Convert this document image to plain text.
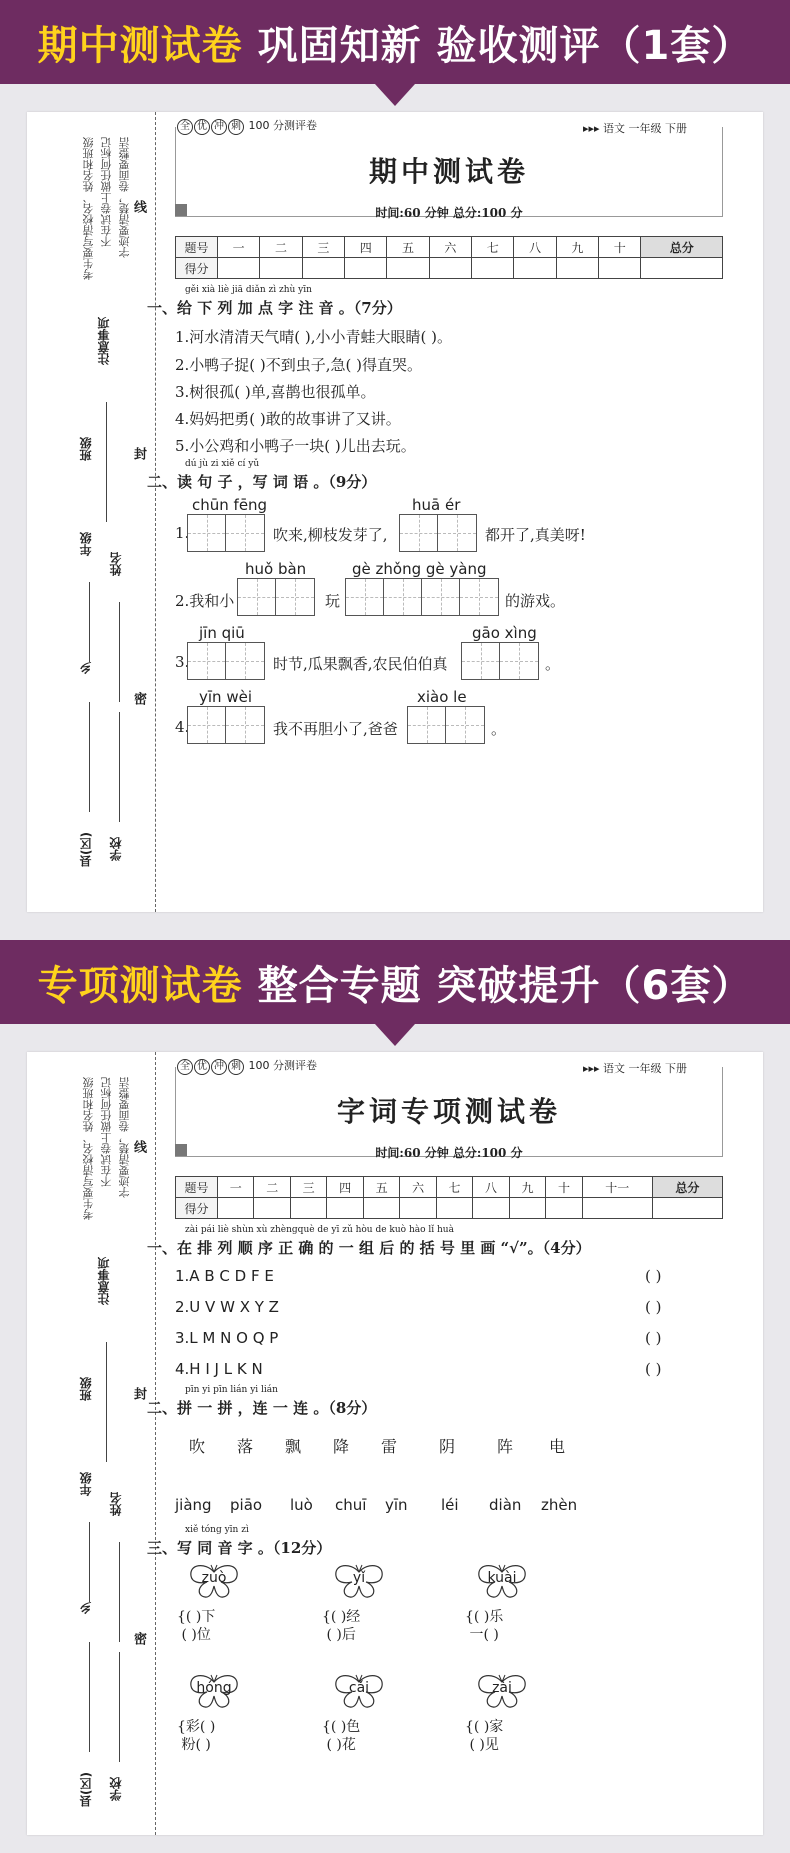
期中测试卷 巩固知新 验收测评（1套）
考生要写清校名、姓名和班级 不在试卷上做任何标记 字迹要清楚，卷面要整洁
注意事项
年级
班级
姓名
乡
县(区) 学校
线
封
密
全 优 冲 刺 100 分测评卷	▸▸▸ 语文 一年级 下册
期中测试卷
时间:60 分钟 总分:100 分
题号	一	二	三	四	五	六	七	八	九	十	总分
得分											
gěi xià liè jiā diǎn zì zhù yīn
一、给 下 列 加 点 字 注 音 。（7分）
1.河水清清天气晴( ),小小青蛙大眼睛( )。
2.小鸭子捉( )不到虫子,急( )得直哭。
3.树很孤( )单,喜鹊也很孤单。
4.妈妈把勇( )敢的故事讲了又讲。
5.小公鸡和小鸭子一块( )儿出去玩。
dú jù zi xiě cí yǔ
二、读 句 子 ，写 词 语 。（9分）
chūn fēng
1.	吹来,柳枝发芽了,
huā ér
都开了,真美呀!
2.我和小
huǒ bàn
玩
gè zhǒng gè yàng
的游戏。
jīn qiū
3.	时节,瓜果飘香,农民伯伯真
gāo xìng
。
yīn wèi
4.	我不再胆小了,爸爸
xiào le
。
专项测试卷 整合专题 突破提升（6套）
考生要写清校名、姓名和班级 不在试卷上做任何标记 字迹要清楚，卷面要整洁
注意事项
年级
班级
姓名
乡
县(区) 学校
线
封
密
全 优 冲 刺 100 分测评卷	▸▸▸ 语文 一年级 下册
字词专项测试卷
时间:60 分钟 总分:100 分
题号	一	二	三	四	五	六	七	八	九	十	十一	总分
得分												
zài pái liè shùn xù zhèngquè de yī zǔ hòu de kuò hào lǐ huà
一、在 排 列 顺 序 正 确 的 一 组 后 的 括 号 里 画 “√”。（4分）
1.A B C D F E	( )
2.U V W X Y Z	( )
3.L M N O Q P	( )
4.H I J L K N	( )
pīn yi pīn lián yi lián
二、拼 一 拼 ，连 一 连 。（8分）
吹 落 飘 降 雷	阴	阵 电
jiàng piāo luò chuī yīn léi diàn zhèn
xiě tóng yīn zì
三、写 同 音 字 。（12分）
zuò
{( )下
( )位
yǐ
{( )经
( )后
kuài
{( )乐
一( )
hóng
{彩( )
粉( )
cǎi
{( )色
( )花
zài
{( )家
( )见
